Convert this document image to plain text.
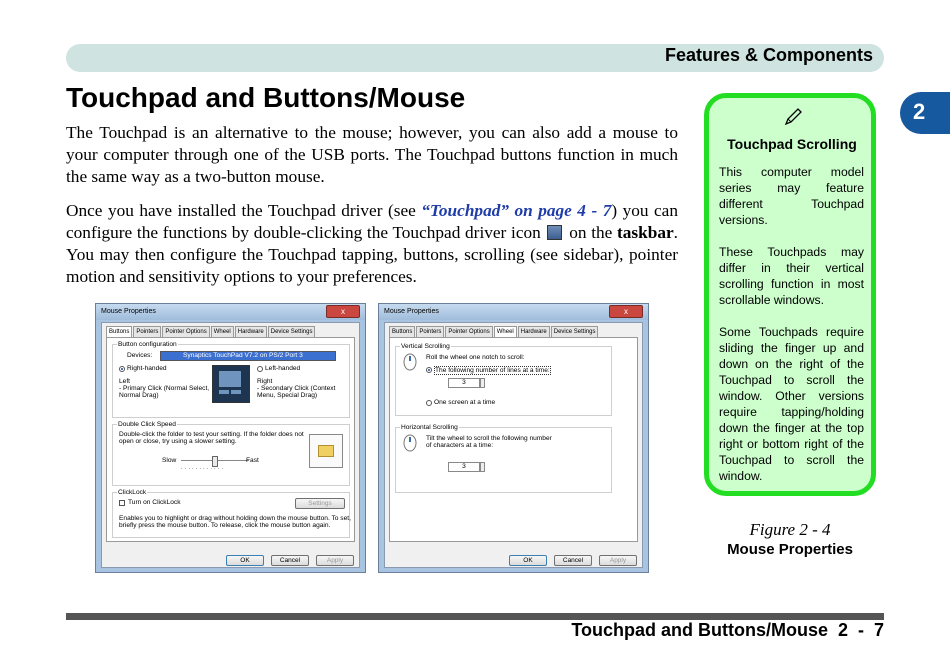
Features & Components
2
Touchpad and Buttons/Mouse
The Touchpad is an alternative to the mouse; however, you can also add a mouse to your computer through one of the USB ports. The Touchpad buttons function in much the same way as a two-button mouse.
Once you have installed the Touchpad driver (see “Touchpad” on page 4 - 7) you can configure the functions by double-clicking the Touchpad driver icon  on the taskbar. You may then configure the Touchpad tapping, buttons, scrolling (see sidebar), pointer motion and sensitivity options to your preferences.
Touchpad Scrolling

This computer model series may feature different Touchpad versions.

These Touchpads may differ in their vertical scrolling function in most scrollable windows.

Some Touchpads require sliding the finger up and down on the right of the Touchpad to scroll the window. Other versions require tapping/holding down the finger at the top right or bottom right of the Touchpad to scroll the window.

Figure 2 - 4
Mouse Properties
Mouse Properties	x
Buttons	Pointers	Pointer Options	Wheel	Hardware	Device Settings
Button configuration
Devices:	Synaptics TouchPad V7.2 on PS/2 Port 3
Right-handed	Left-handed
Left
- Primary Click (Normal Select,
Normal Drag)
Right
- Secondary Click (Context
Menu, Special Drag)
Double Click Speed
Double-click the folder to test your setting. If the folder does not
open or close, try using a slower setting.
Slow
············
Fast
ClickLock
Turn on ClickLock	Settings
Enables you to highlight or drag without holding down the mouse button. To set,
briefly press the mouse button. To release, click the mouse button again.
OK	Cancel	Apply
Mouse Properties	x
Buttons	Pointers	Pointer Options	Wheel	Hardware	Device Settings
Vertical Scrolling
Roll the wheel one notch to scroll:
The following number of lines at a time:
3
One screen at a time
Horizontal Scrolling
Tilt the wheel to scroll the following number
of characters at a time:
3
OK	Cancel	Apply
Touchpad and Buttons/Mouse  2  -  7
